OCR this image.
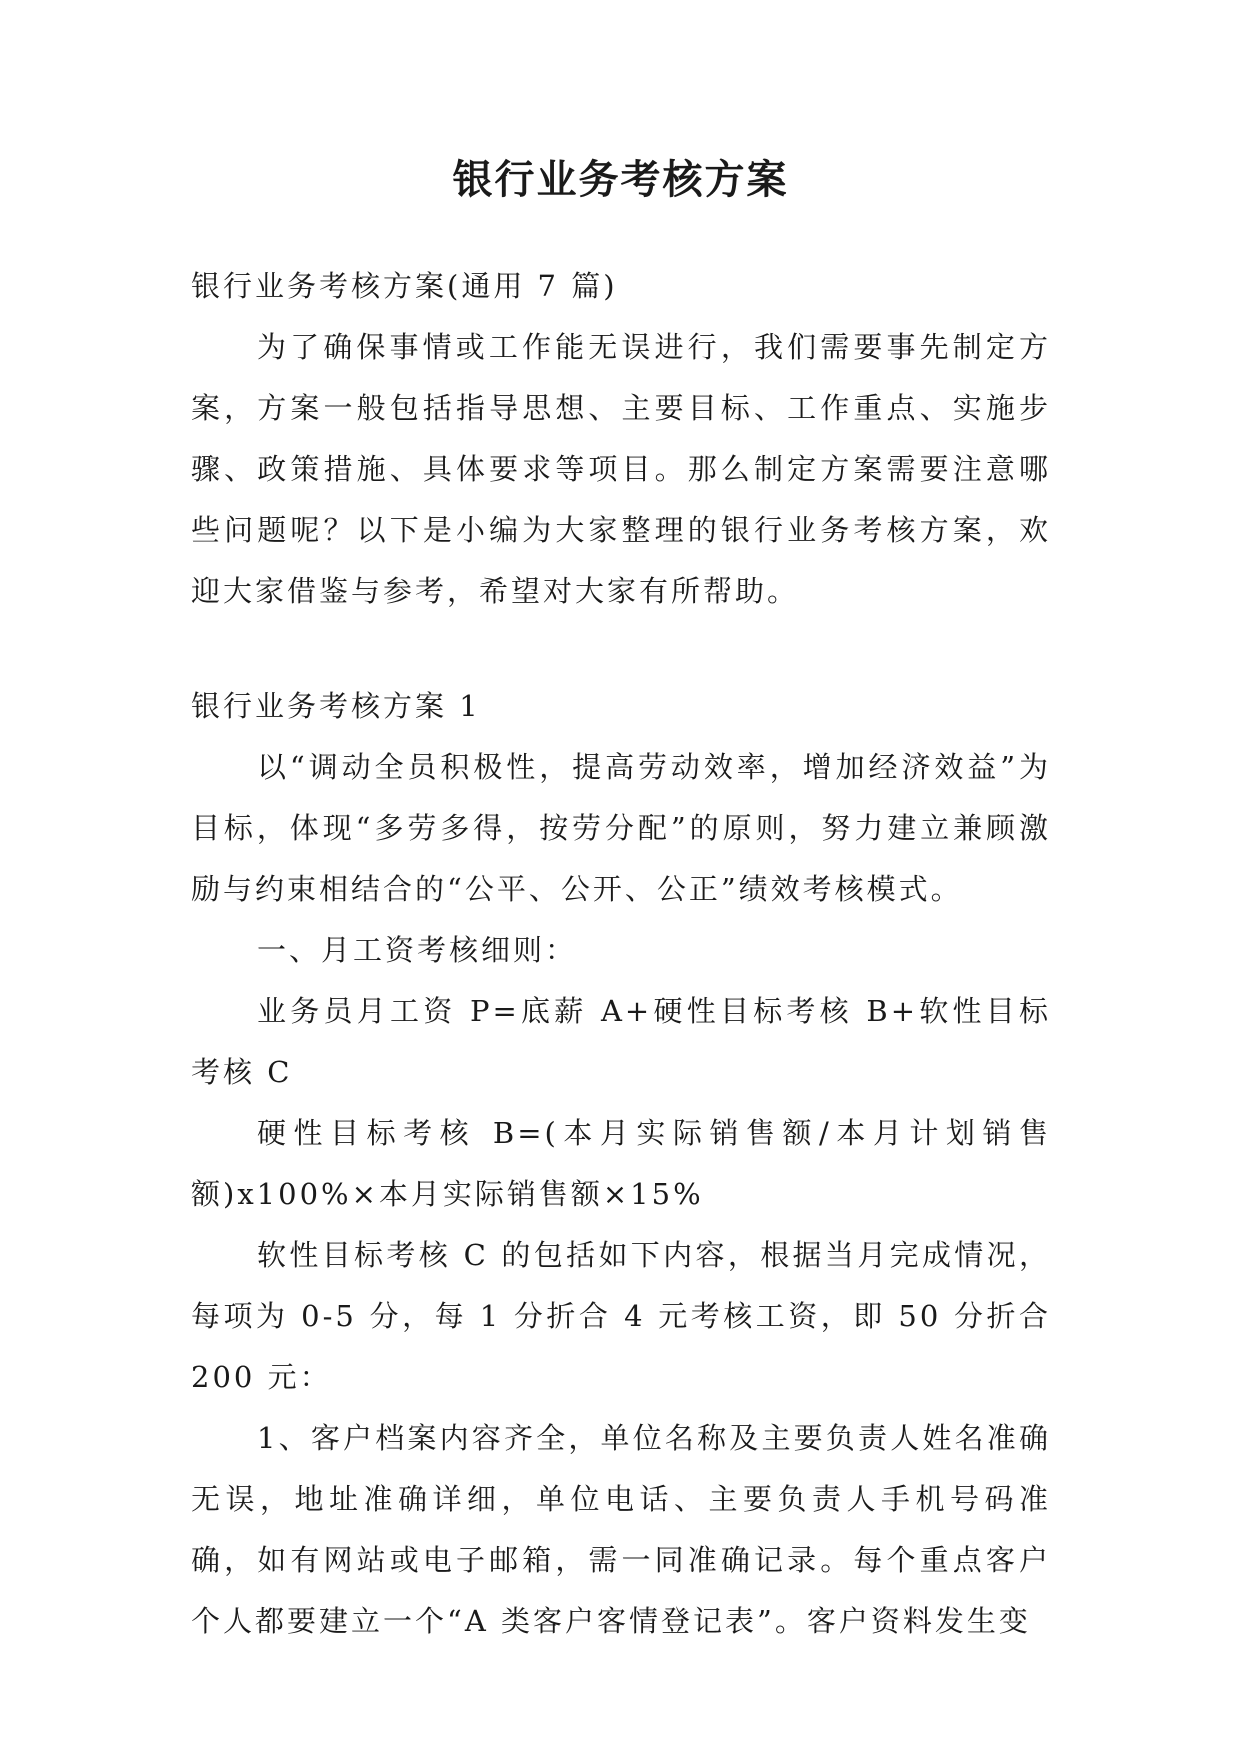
银行业务考核方案

银行业务考核方案(通用 7 篇)

为了确保事情或工作能无误进行，我们需要事先制定方案，方案一般包括指导思想、主要目标、工作重点、实施步骤、政策措施、具体要求等项目。那么制定方案需要注意哪些问题呢？以下是小编为大家整理的银行业务考核方案，欢迎大家借鉴与参考，希望对大家有所帮助。

银行业务考核方案 1

以“调动全员积极性，提高劳动效率，增加经济效益”为目标，体现“多劳多得，按劳分配”的原则，努力建立兼顾激励与约束相结合的“公平、公开、公正”绩效考核模式。

一、月工资考核细则：

业务员月工资 P=底薪 A+硬性目标考核 B+软性目标考核 C

硬性目标考核 B=(本月实际销售额/本月计划销售额)x100%×本月实际销售额×15%

软性目标考核 C 的包括如下内容，根据当月完成情况，每项为 0-5 分，每 1 分折合 4 元考核工资，即 50 分折合 200 元：

1、客户档案内容齐全，单位名称及主要负责人姓名准确无误，地址准确详细，单位电话、主要负责人手机号码准确，如有网站或电子邮箱，需一同准确记录。每个重点客户个人都要建立一个“A 类客户客情登记表”。客户资料发生变
